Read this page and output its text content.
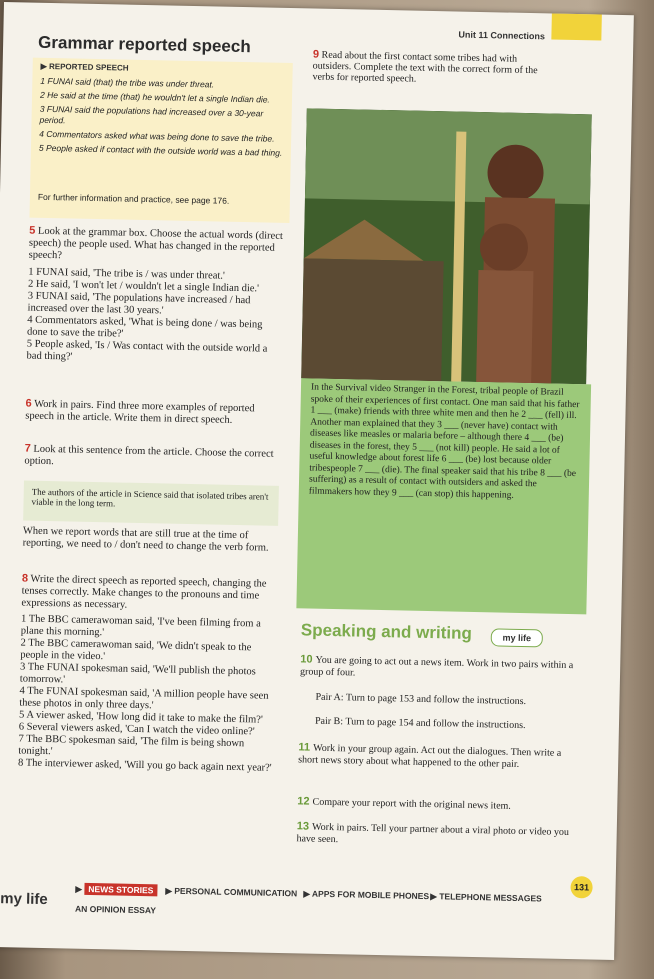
Unit 11 Connections
Grammar reported speech
▶ REPORTED SPEECH
1 FUNAI said (that) the tribe was under threat.
2 He said at the time (that) he wouldn't let a single Indian die.
3 FUNAI said the populations had increased over a 30-year period.
4 Commentators asked what was being done to save the tribe.
5 People asked if contact with the outside world was a bad thing.
For further information and practice, see page 176.
5 Look at the grammar box. Choose the actual words (direct speech) the people used. What has changed in the reported speech?
1 FUNAI said, 'The tribe is / was under threat.'
2 He said, 'I won't let / wouldn't let a single Indian die.'
3 FUNAI said, 'The populations have increased / had increased over the last 30 years.'
4 Commentators asked, 'What is being done / was being done to save the tribe?'
5 People asked, 'Is / Was contact with the outside world a bad thing?'
6 Work in pairs. Find three more examples of reported speech in the article. Write them in direct speech.
7 Look at this sentence from the article. Choose the correct option.
The authors of the article in Science said that isolated tribes aren't viable in the long term.
When we report words that are still true at the time of reporting, we need to / don't need to change the verb form.
8 Write the direct speech as reported speech, changing the tenses correctly. Make changes to the pronouns and time expressions as necessary.
1 The BBC camerawoman said, 'I've been filming from a plane this morning.'
2 The BBC camerawoman said, 'We didn't speak to the people in the video.'
3 The FUNAI spokesman said, 'We'll publish the photos tomorrow.'
4 The FUNAI spokesman said, 'A million people have seen these photos in only three days.'
5 A viewer asked, 'How long did it take to make the film?'
6 Several viewers asked, 'Can I watch the video online?'
7 The BBC spokesman said, 'The film is being shown tonight.'
8 The interviewer asked, 'Will you go back again next year?'
9 Read about the first contact some tribes had with outsiders. Complete the text with the correct form of the verbs for reported speech.
In the Survival video Stranger in the Forest, tribal people of Brazil spoke of their experiences of first contact. One man said that his father 1 ___ (make) friends with three white men and then he 2 ___ (fell) ill. Another man explained that they 3 ___ (never have) contact with diseases like measles or malaria before – although there 4 ___ (be) diseases in the forest, they 5 ___ (not kill) people. He said a lot of useful knowledge about forest life 6 ___ (be) lost because older tribespeople 7 ___ (die). The final speaker said that his tribe 8 ___ (be suffering) as a result of contact with outsiders and asked the filmmakers how they 9 ___ (can stop) this happening.
Speaking and writing	my life
10 You are going to act out a news item. Work in two pairs within a group of four.
Pair A: Turn to page 153 and follow the instructions.
Pair B: Turn to page 154 and follow the instructions.
11 Work in your group again. Act out the dialogues. Then write a short news story about what happened to the other pair.
12 Compare your report with the original news item.
13 Work in pairs. Tell your partner about a viral photo or video you have seen.
my life
▶ NEWS STORIES	▶ PERSONAL COMMUNICATION ▶ APPS FOR MOBILE PHONES ▶ TELEPHONE MESSAGES
AN OPINION ESSAY
131
